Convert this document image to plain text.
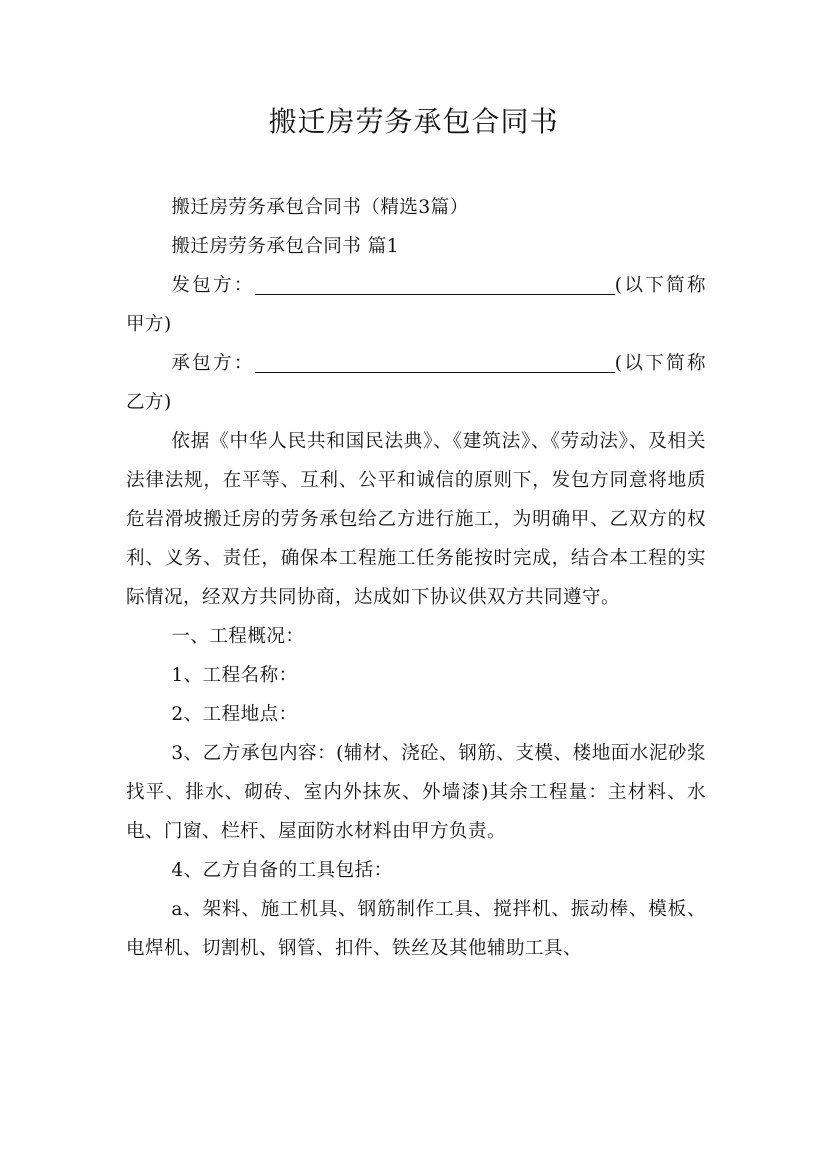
搬迁房劳务承包合同书

搬迁房劳务承包合同书（精选3篇）

搬迁房劳务承包合同书 篇1

发包方：	(以下简称甲方)

承包方：	(以下简称乙方)

依据《中华人民共和国民法典》、《建筑法》、《劳动法》、及相关法律法规，在平等、互利、公平和诚信的原则下，发包方同意将地质危岩滑坡搬迁房的劳务承包给乙方进行施工，为明确甲、乙双方的权利、义务、责任，确保本工程施工任务能按时完成，结合本工程的实际情况，经双方共同协商，达成如下协议供双方共同遵守。

一、工程概况：

1、工程名称：

2、工程地点：

3、乙方承包内容：(辅材、浇砼、钢筋、支模、楼地面水泥砂浆找平、排水、砌砖、室内外抹灰、外墙漆)其余工程量：主材料、水电、门窗、栏杆、屋面防水材料由甲方负责。

4、乙方自备的工具包括：

a、架料、施工机具、钢筋制作工具、搅拌机、振动棒、模板、电焊机、切割机、钢管、扣件、铁丝及其他辅助工具、
